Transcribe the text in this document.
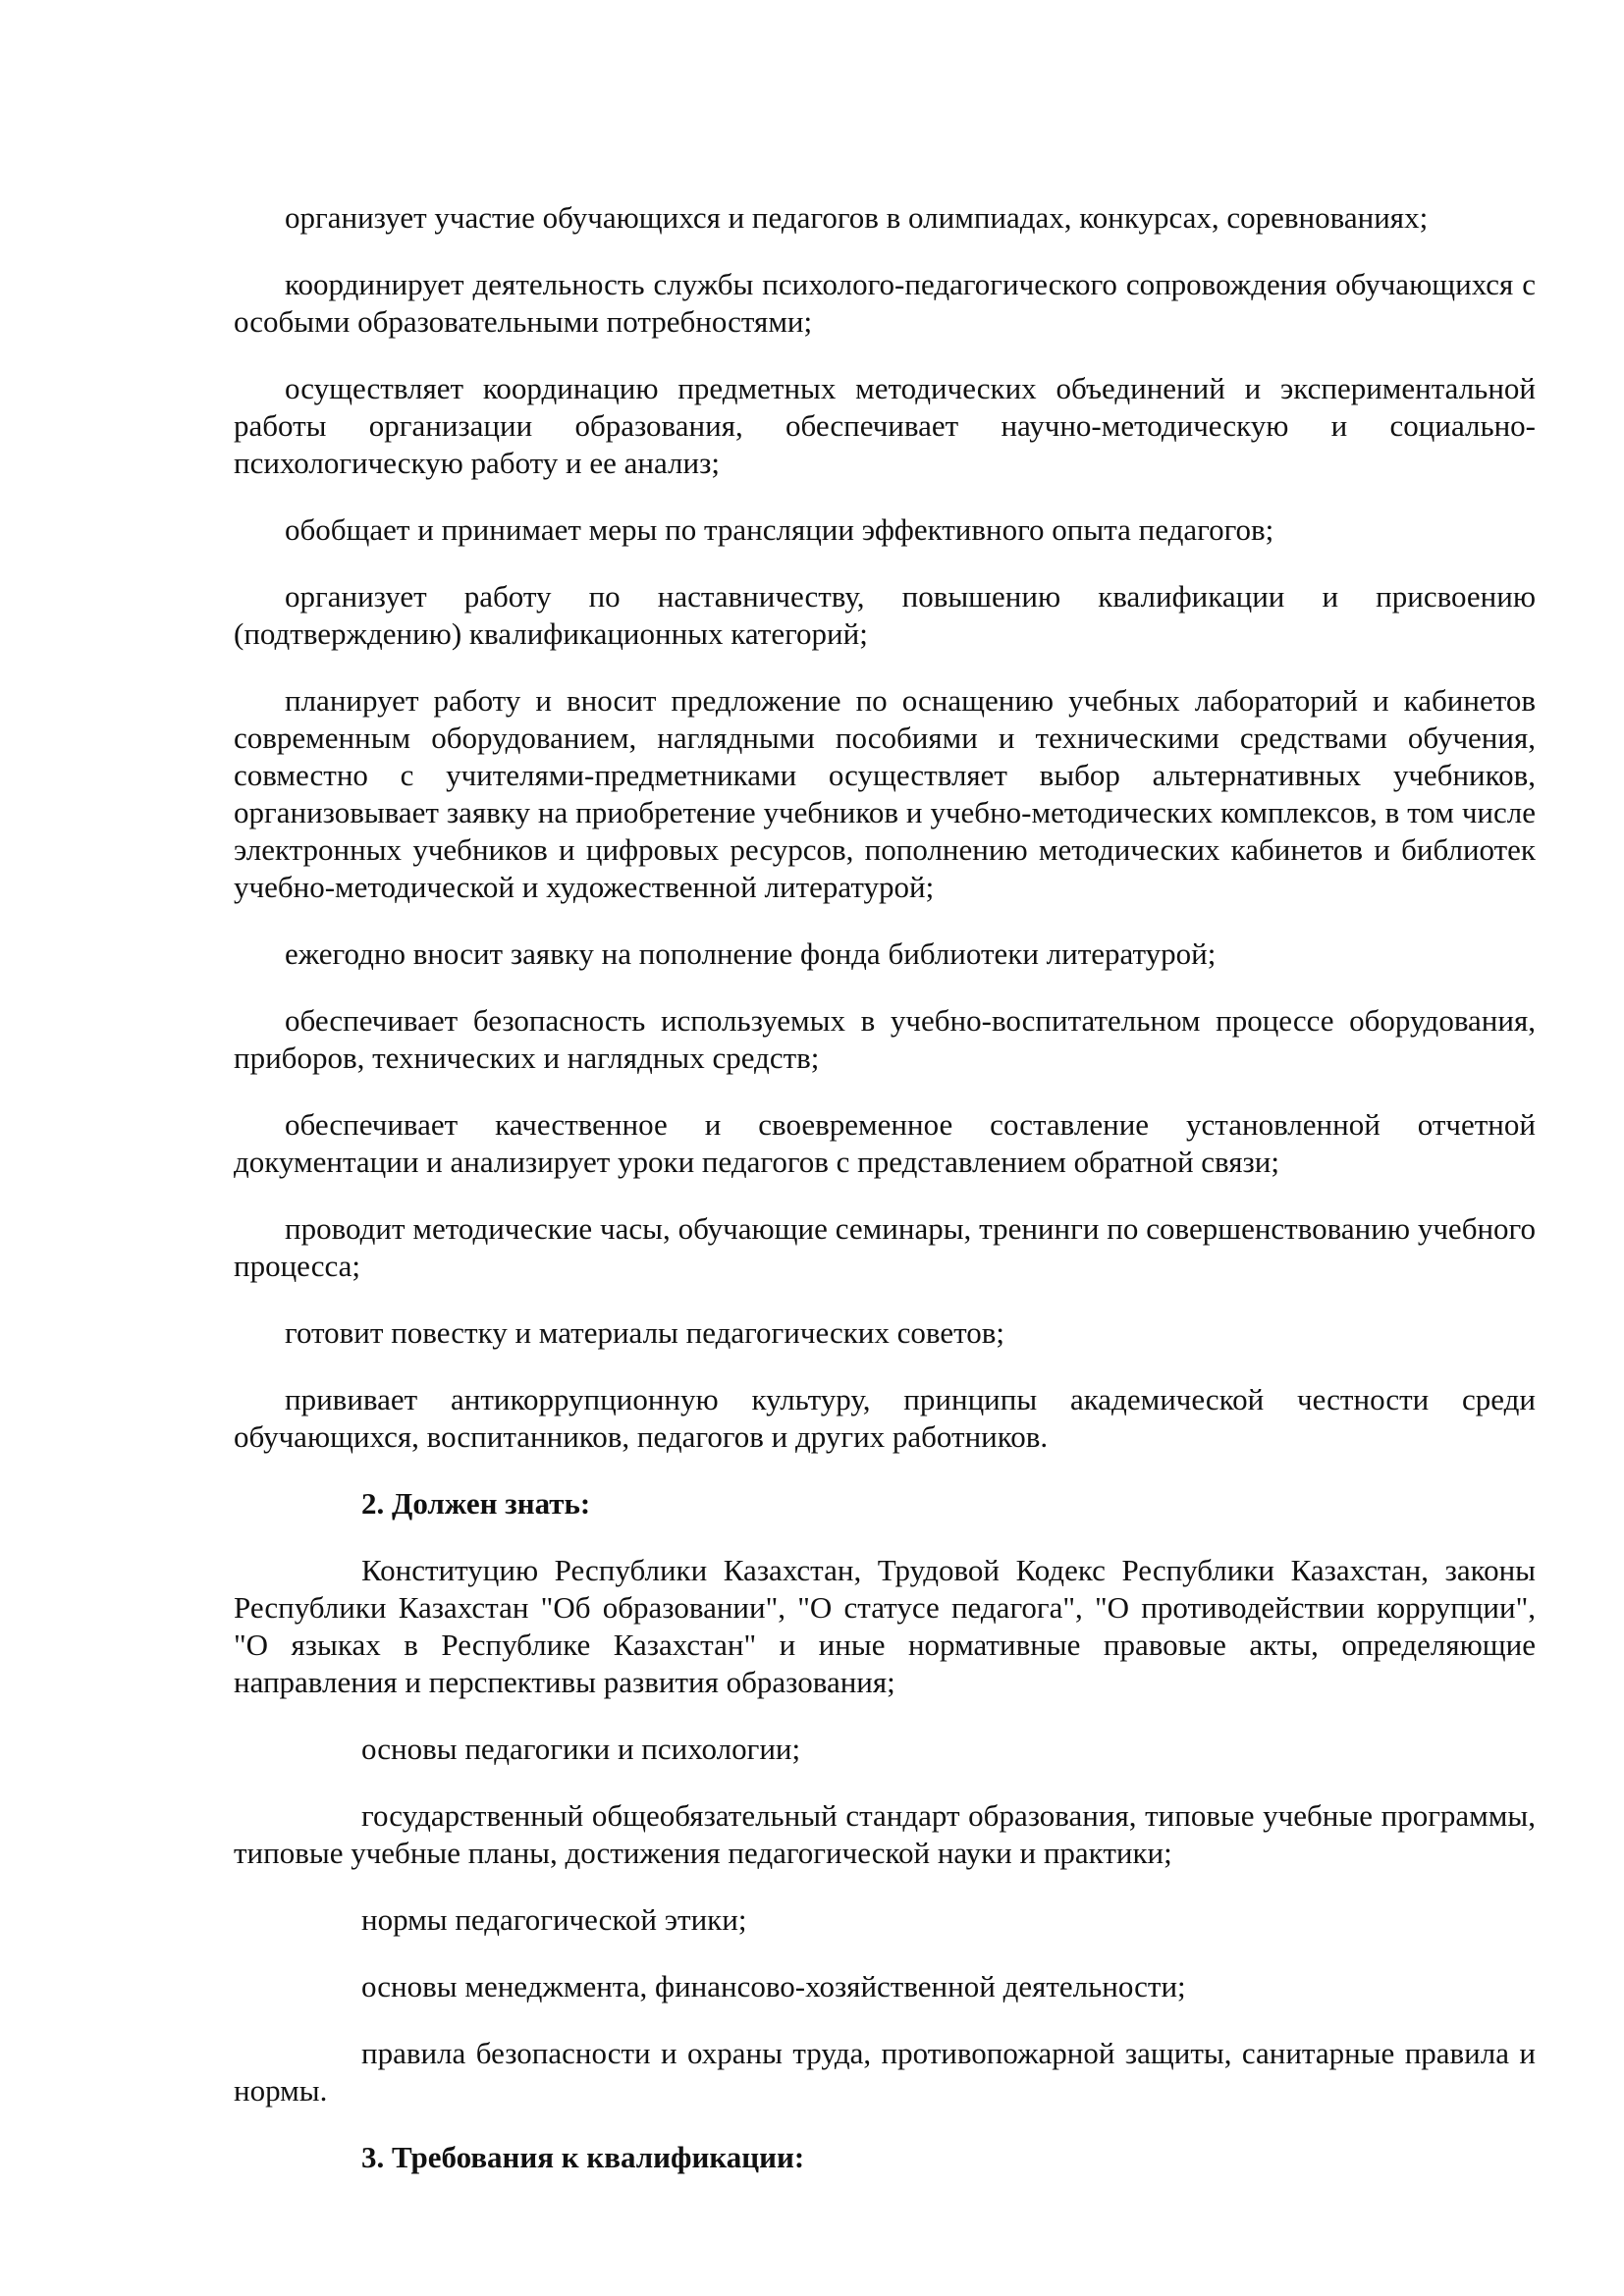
организует участие обучающихся и педагогов в олимпиадах, конкурсах, соревнованиях;

координирует деятельность службы психолого-педагогического сопровождения обучающихся с особыми образовательными потребностями;

осуществляет координацию предметных методических объединений и экспериментальной работы организации образования, обеспечивает научно-методическую и социально-психологическую работу и ее анализ;

обобщает и принимает меры по трансляции эффективного опыта педагогов;

организует работу по наставничеству, повышению квалификации и присвоению (подтверждению) квалификационных категорий;

планирует работу и вносит предложение по оснащению учебных лабораторий и кабинетов современным оборудованием, наглядными пособиями и техническими средствами обучения, совместно с учителями-предметниками осуществляет выбор альтернативных учебников, организовывает заявку на приобретение учебников и учебно-методических комплексов, в том числе электронных учебников и цифровых ресурсов, пополнению методических кабинетов и библиотек учебно-методической и художественной литературой;

ежегодно вносит заявку на пополнение фонда библиотеки литературой;

обеспечивает безопасность используемых в учебно-воспитательном процессе оборудования, приборов, технических и наглядных средств;

обеспечивает качественное и своевременное составление установленной отчетной документации и анализирует уроки педагогов с представлением обратной связи;

проводит методические часы, обучающие семинары, тренинги по совершенствованию учебного процесса;

готовит повестку и материалы педагогических советов;

прививает антикоррупционную культуру, принципы академической честности среди обучающихся, воспитанников, педагогов и других работников.

2. Должен знать:

Конституцию Республики Казахстан, Трудовой Кодекс Республики Казахстан, законы Республики Казахстан "Об образовании", "О статусе педагога", "О противодействии коррупции", "О языках в Республике Казахстан" и иные нормативные правовые акты, определяющие направления и перспективы развития образования;

основы педагогики и психологии;

государственный общеобязательный стандарт образования, типовые учебные программы, типовые учебные планы, достижения педагогической науки и практики;

нормы педагогической этики;

основы менеджмента, финансово-хозяйственной деятельности;

правила безопасности и охраны труда, противопожарной защиты, санитарные правила и нормы.

3. Требования к квалификации:
